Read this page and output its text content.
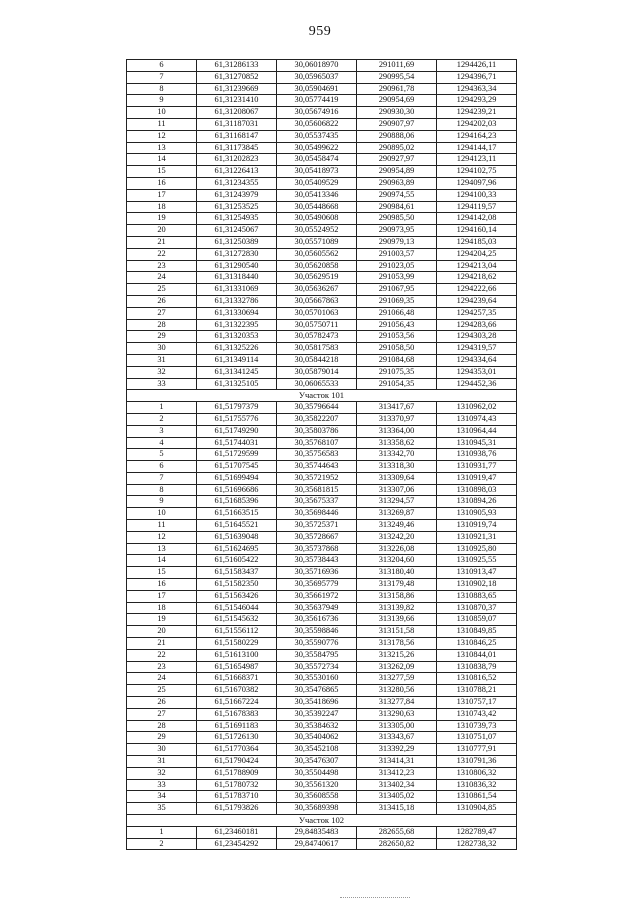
959
6	61,31286133	30,06018970	291011,69	1294426,11
7	61,31270852	30,05965037	290995,54	1294396,71
8	61,31239669	30,05904691	290961,78	1294363,34
9	61,31231410	30,05774419	290954,69	1294293,29
10	61,31208067	30,05674916	290930,30	1294239,21
11	61,31187031	30,05606822	290907,97	1294202,03
12	61,31168147	30,05537435	290888,06	1294164,23
13	61,31173845	30,05499622	290895,02	1294144,17
14	61,31202823	30,05458474	290927,97	1294123,11
15	61,31226413	30,05418973	290954,89	1294102,75
16	61,31234355	30,05409529	290963,89	1294097,96
17	61,31243979	30,05413346	290974,55	1294100,33
18	61,31253525	30,05448668	290984,61	1294119,57
19	61,31254935	30,05490608	290985,50	1294142,08
20	61,31245067	30,05524952	290973,95	1294160,14
21	61,31250389	30,05571089	290979,13	1294185,03
22	61,31272830	30,05605562	291003,57	1294204,25
23	61,31290540	30,05620858	291023,05	1294213,04
24	61,31318440	30,05629519	291053,99	1294218,62
25	61,31331069	30,05636267	291067,95	1294222,66
26	61,31332786	30,05667863	291069,35	1294239,64
27	61,31330694	30,05701063	291066,48	1294257,35
28	61,31322395	30,05750711	291056,43	1294283,66
29	61,31320353	30,05782473	291053,56	1294303,28
30	61,31325226	30,05817583	291058,50	1294319,57
31	61,31349114	30,05844218	291084,68	1294334,64
32	61,31341245	30,05879014	291075,35	1294353,01
33	61,31325105	30,06065533	291054,35	1294452,36
Участок 101				
1	61,51797379	30,35796644	313417,67	1310962,02
2	61,51755776	30,35822207	313370,97	1310974,43
3	61,51749290	30,35803786	313364,00	1310964,44
4	61,51744031	30,35768107	313358,62	1310945,31
5	61,51729599	30,35756583	313342,70	1310938,76
6	61,51707545	30,35744643	313318,30	1310931,77
7	61,51699494	30,35721952	313309,64	1310919,47
8	61,51696686	30,35681815	313307,06	1310898,03
9	61,51685396	30,35675337	313294,57	1310894,26
10	61,51663515	30,35698446	313269,87	1310905,93
11	61,51645521	30,35725371	313249,46	1310919,74
12	61,51639048	30,35728667	313242,20	1310921,31
13	61,51624695	30,35737868	313226,08	1310925,80
14	61,51605422	30,35738443	313204,60	1310925,55
15	61,51583437	30,35716936	313180,40	1310913,47
16	61,51582350	30,35695779	313179,48	1310902,18
17	61,51563426	30,35661972	313158,86	1310883,65
18	61,51546044	30,35637949	313139,82	1310870,37
19	61,51545632	30,35616736	313139,66	1310859,07
20	61,51556112	30,35598846	313151,58	1310849,85
21	61,51580229	30,35590776	313178,56	1310846,25
22	61,51613100	30,35584795	313215,26	1310844,01
23	61,51654987	30,35572734	313262,09	1310838,79
24	61,51668371	30,35530160	313277,59	1310816,52
25	61,51670382	30,35476865	313280,56	1310788,21
26	61,51667224	30,35418696	313277,84	1310757,17
27	61,51678383	30,35392247	313290,63	1310743,42
28	61,51691183	30,35384632	313305,00	1310739,73
29	61,51726130	30,35404062	313343,67	1310751,07
30	61,51770364	30,35452108	313392,29	1310777,91
31	61,51790424	30,35476307	313414,31	1310791,36
32	61,51788909	30,35504498	313412,23	1310806,32
33	61,51780732	30,35561320	313402,34	1310836,32
34	61,51783710	30,35608558	313405,02	1310861,54
35	61,51793826	30,35689398	313415,18	1310904,85
Участок 102				
1	61,23460181	29,84835483	282655,68	1282789,47
2	61,23454292	29,84740617	282650,82	1282738,32
